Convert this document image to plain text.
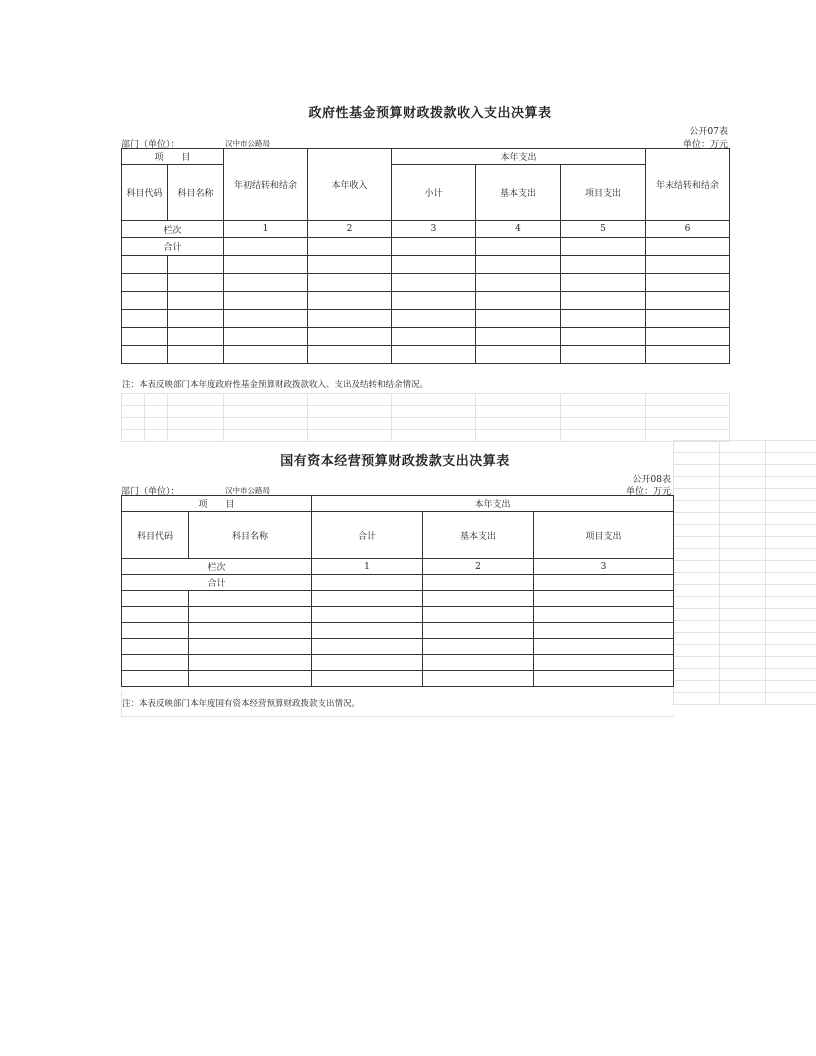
政府性基金预算财政拨款收入支出决算表
公开07表
部门（单位）：	汉中市公路局	单位：万元
项　　目		年初结转和结余	本年收入	本年支出			年末结转和结余
科目代码	科目名称			小计	基本支出	项目支出	
栏次		1	2	3	4	5	6
合计							

注：本表反映部门本年度政府性基金预算财政拨款收入、支出及结转和结余情况。

国有资本经营预算财政拨款支出决算表
公开08表
部门（单位）：	汉中市公路局	单位：万元
项　　目		本年支出		
科目代码	科目名称	合计	基本支出	项目支出
栏次		1	2	3
合计				

注：本表反映部门本年度国有资本经营预算财政拨款支出情况。
